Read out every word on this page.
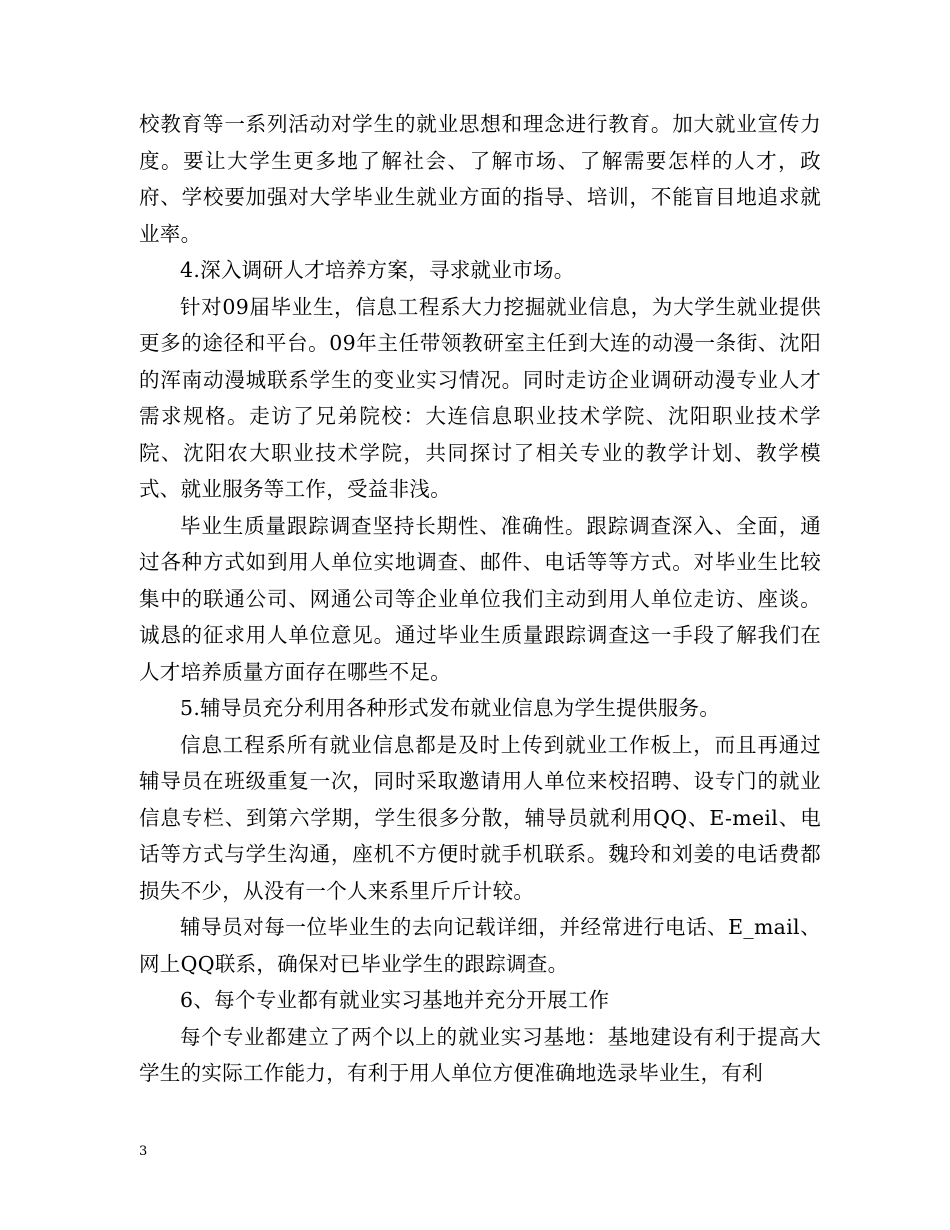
校教育等一系列活动对学生的就业思想和理念进行教育。加大就业宣传力度。要让大学生更多地了解社会、了解市场、了解需要怎样的人才，政府、学校要加强对大学毕业生就业方面的指导、培训，不能盲目地追求就业率。

4.深入调研人才培养方案，寻求就业市场。

针对09届毕业生，信息工程系大力挖掘就业信息，为大学生就业提供更多的途径和平台。09年主任带领教研室主任到大连的动漫一条街、沈阳的浑南动漫城联系学生的变业实习情况。同时走访企业调研动漫专业人才需求规格。走访了兄弟院校：大连信息职业技术学院、沈阳职业技术学院、沈阳农大职业技术学院，共同探讨了相关专业的教学计划、教学模式、就业服务等工作，受益非浅。

毕业生质量跟踪调查坚持长期性、准确性。跟踪调查深入、全面，通过各种方式如到用人单位实地调查、邮件、电话等等方式。对毕业生比较集中的联通公司、网通公司等企业单位我们主动到用人单位走访、座谈。诚恳的征求用人单位意见。通过毕业生质量跟踪调查这一手段了解我们在人才培养质量方面存在哪些不足。

5.辅导员充分利用各种形式发布就业信息为学生提供服务。

信息工程系所有就业信息都是及时上传到就业工作板上，而且再通过辅导员在班级重复一次，同时采取邀请用人单位来校招聘、设专门的就业信息专栏、到第六学期，学生很多分散，辅导员就利用QQ、E-meil、电话等方式与学生沟通，座机不方便时就手机联系。魏玲和刘姜的电话费都损失不少，从没有一个人来系里斤斤计较。

辅导员对每一位毕业生的去向记载详细，并经常进行电话、E_mail、网上QQ联系，确保对已毕业学生的跟踪调查。

6、每个专业都有就业实习基地并充分开展工作

每个专业都建立了两个以上的就业实习基地：基地建设有利于提高大学生的实际工作能力，有利于用人单位方便准确地选录毕业生，有利

3
